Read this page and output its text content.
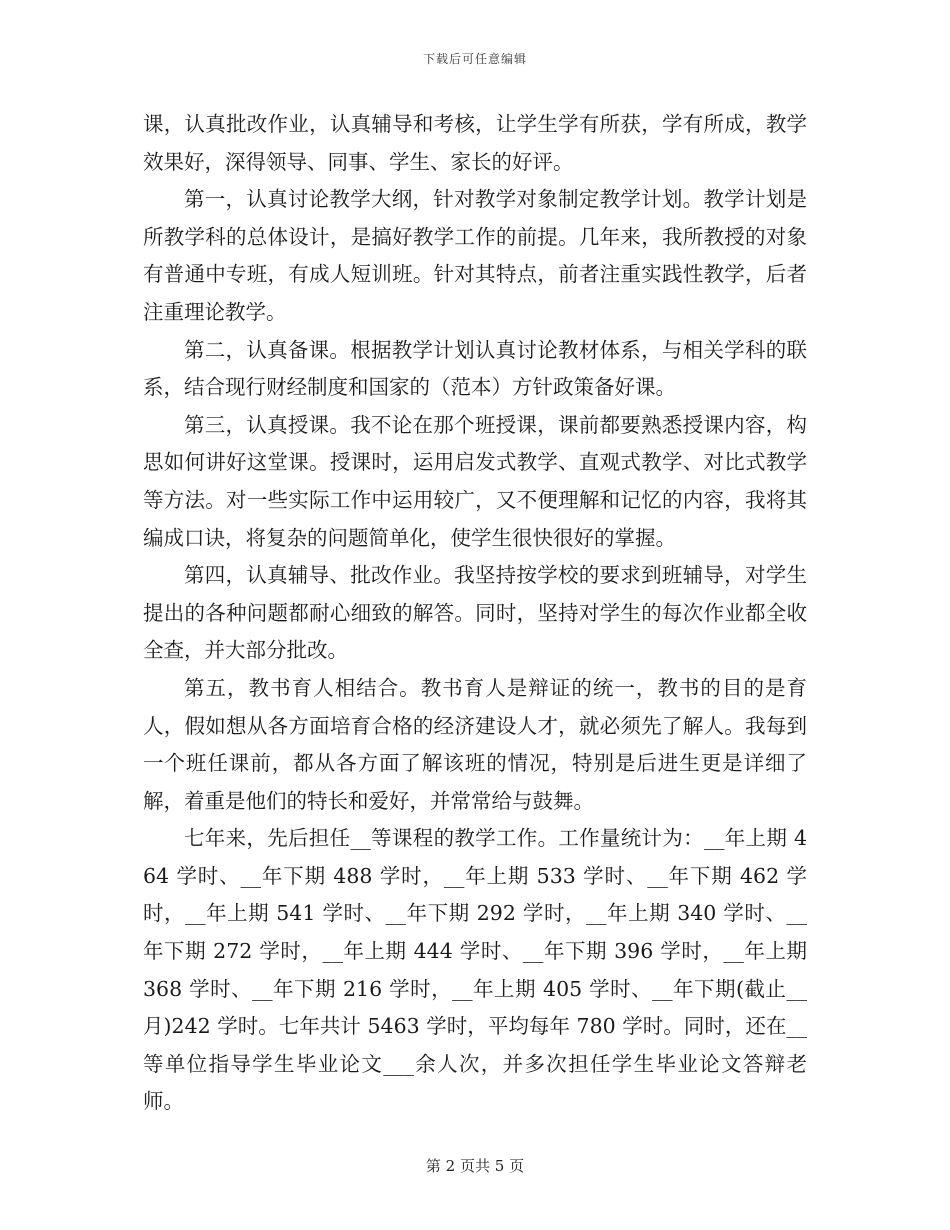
下载后可任意编辑

课，认真批改作业，认真辅导和考核，让学生学有所获，学有所成，教学效果好，深得领导、同事、学生、家长的好评。

第一，认真讨论教学大纲，针对教学对象制定教学计划。教学计划是所教学科的总体设计，是搞好教学工作的前提。几年来，我所教授的对象有普通中专班，有成人短训班。针对其特点，前者注重实践性教学，后者注重理论教学。

第二，认真备课。根据教学计划认真讨论教材体系，与相关学科的联系，结合现行财经制度和国家的（范本）方针政策备好课。

第三，认真授课。我不论在那个班授课，课前都要熟悉授课内容，构思如何讲好这堂课。授课时，运用启发式教学、直观式教学、对比式教学等方法。对一些实际工作中运用较广，又不便理解和记忆的内容，我将其编成口诀，将复杂的问题简单化，使学生很快很好的掌握。

第四，认真辅导、批改作业。我坚持按学校的要求到班辅导，对学生提出的各种问题都耐心细致的解答。同时，坚持对学生的每次作业都全收全查，并大部分批改。

第五，教书育人相结合。教书育人是辩证的统一，教书的目的是育人，假如想从各方面培育合格的经济建设人才，就必须先了解人。我每到一个班任课前，都从各方面了解该班的情况，特别是后进生更是详细了解，着重是他们的特长和爱好，并常常给与鼓舞。

七年来，先后担任__等课程的教学工作。工作量统计为：__年上期 464 学时、__年下期 488 学时，__年上期 533 学时、__年下期 462 学时，__年上期 541 学时、__年下期 292 学时，__年上期 340 学时、__年下期 272 学时，__年上期 444 学时、__年下期 396 学时，__年上期 368 学时、__年下期 216 学时，__年上期 405 学时、__年下期(截止__月)242 学时。七年共计 5463 学时，平均每年 780 学时。同时，还在__等单位指导学生毕业论文___余人次，并多次担任学生毕业论文答辩老师。

第 2 页共 5 页
